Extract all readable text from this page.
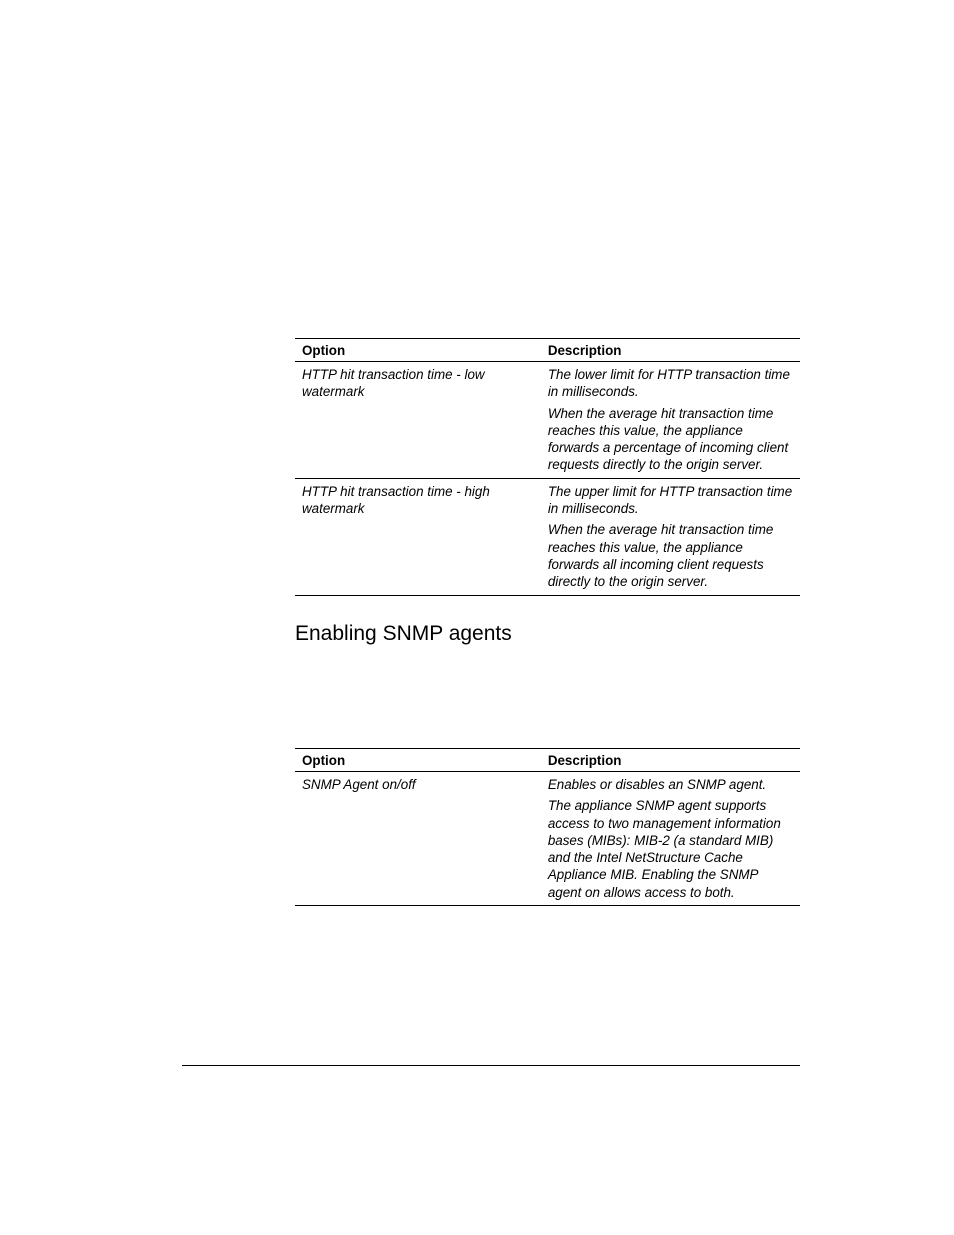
Option	Description
HTTP hit transaction time - low watermark	The lower limit for HTTP transaction time in milliseconds.

When the average hit transaction time reaches this value, the appliance forwards a percentage of incoming client requests directly to the origin server.

HTTP hit transaction time - high watermark	The upper limit for HTTP transaction time in milliseconds.

When the average hit transaction time reaches this value, the appliance forwards all incoming client requests directly to the origin server.

Enabling SNMP agents
Option	Description
SNMP Agent on/off	Enables or disables an SNMP agent.

The appliance SNMP agent supports access to two management information bases (MIBs): MIB-2 (a standard MIB) and the Intel NetStructure Cache Appliance MIB. Enabling the SNMP agent on allows access to both.
